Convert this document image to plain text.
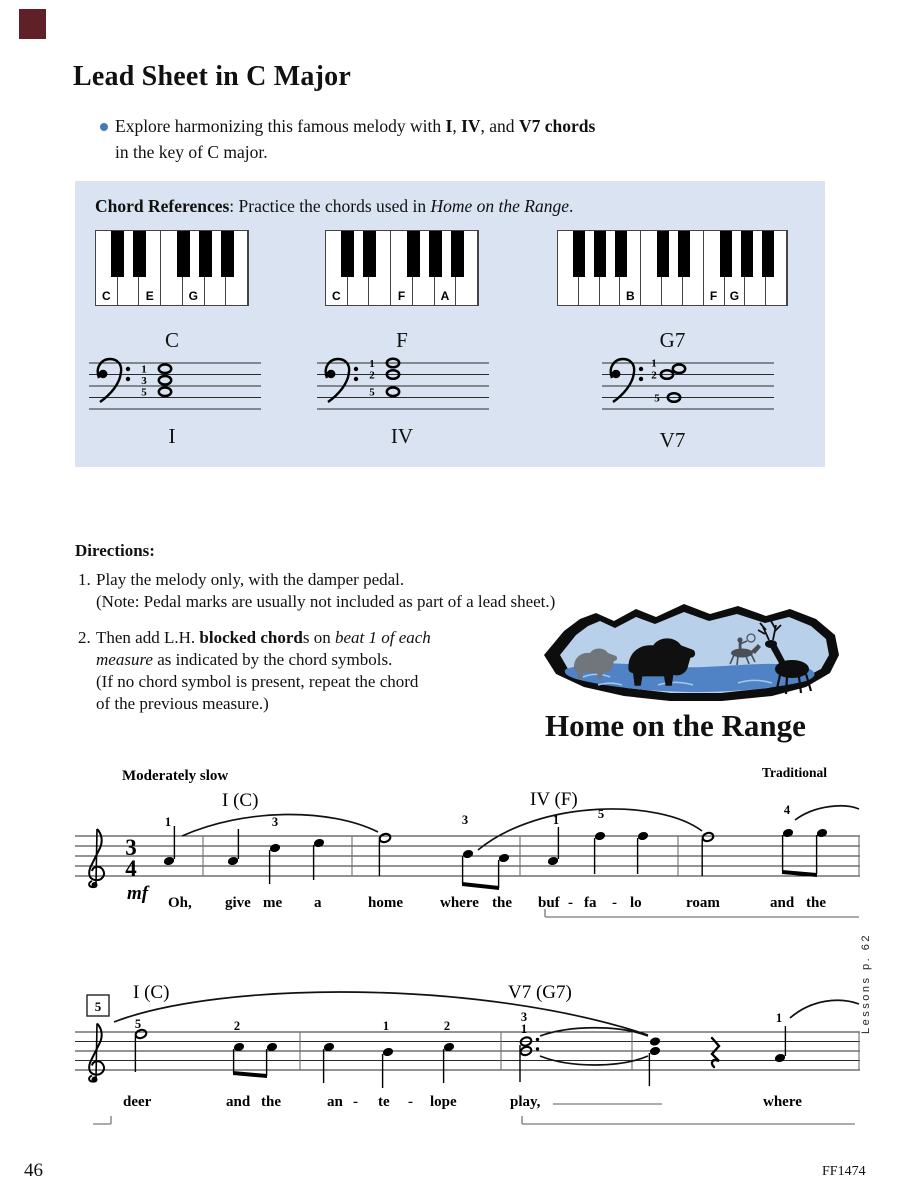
Lead Sheet in C Major
Explore harmonizing this famous melody with I, IV, and V7 chords
in the key of C major.
Chord References: Practice the chords used in Home on the Range.
C	E	G	C	F	A	B	F	G
C	F	G7
1
3
5
1
2
5
1
2
5
I	IV	V7
Directions:
1. Play the melody only, with the damper pedal.
(Note: Pedal marks are usually not included as part of a lead sheet.)
2. Then add L.H. blocked chords on beat 1 of each
measure as indicated by the chord symbols.
(If no chord symbol is present, repeat the chord
of the previous measure.)
Home on the Range
Moderately slow	Traditional
I (C)	IV (F)
3
4
mf
1	3	3	1	5	4
Oh, give me a	home where the buf - fa - lo	roam	and the
5
I (C)	V7 (G7)
5	2	1	2
3
1
1
deer	and the	an - te - lope	play,	where
Lessons p. 62
46	FF1474
